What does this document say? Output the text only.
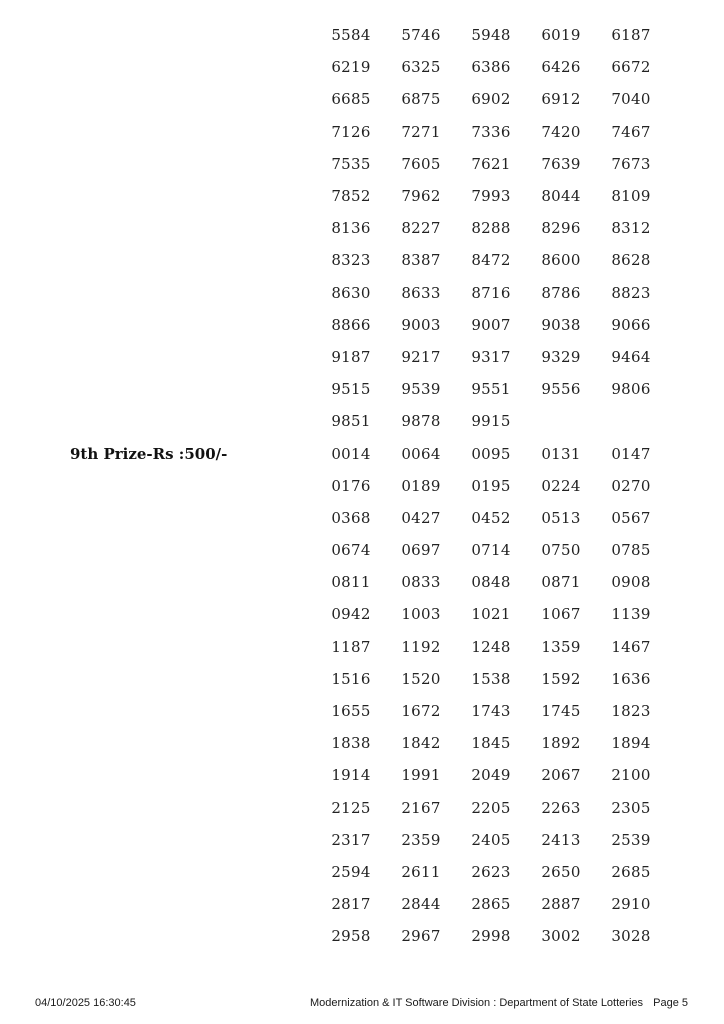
5584	5746	5948	6019	6187
6219	6325	6386	6426	6672
6685	6875	6902	6912	7040
7126	7271	7336	7420	7467
7535	7605	7621	7639	7673
7852	7962	7993	8044	8109
8136	8227	8288	8296	8312
8323	8387	8472	8600	8628
8630	8633	8716	8786	8823
8866	9003	9007	9038	9066
9187	9217	9317	9329	9464
9515	9539	9551	9556	9806
9851	9878	9915
9th Prize-Rs :500/-	0014	0064	0095	0131	0147
0176	0189	0195	0224	0270
0368	0427	0452	0513	0567
0674	0697	0714	0750	0785
0811	0833	0848	0871	0908
0942	1003	1021	1067	1139
1187	1192	1248	1359	1467
1516	1520	1538	1592	1636
1655	1672	1743	1745	1823
1838	1842	1845	1892	1894
1914	1991	2049	2067	2100
2125	2167	2205	2263	2305
2317	2359	2405	2413	2539
2594	2611	2623	2650	2685
2817	2844	2865	2887	2910
2958	2967	2998	3002	3028
04/10/2025 16:30:45	Modernization & IT Software Division : Department of State Lotteries Page 5
